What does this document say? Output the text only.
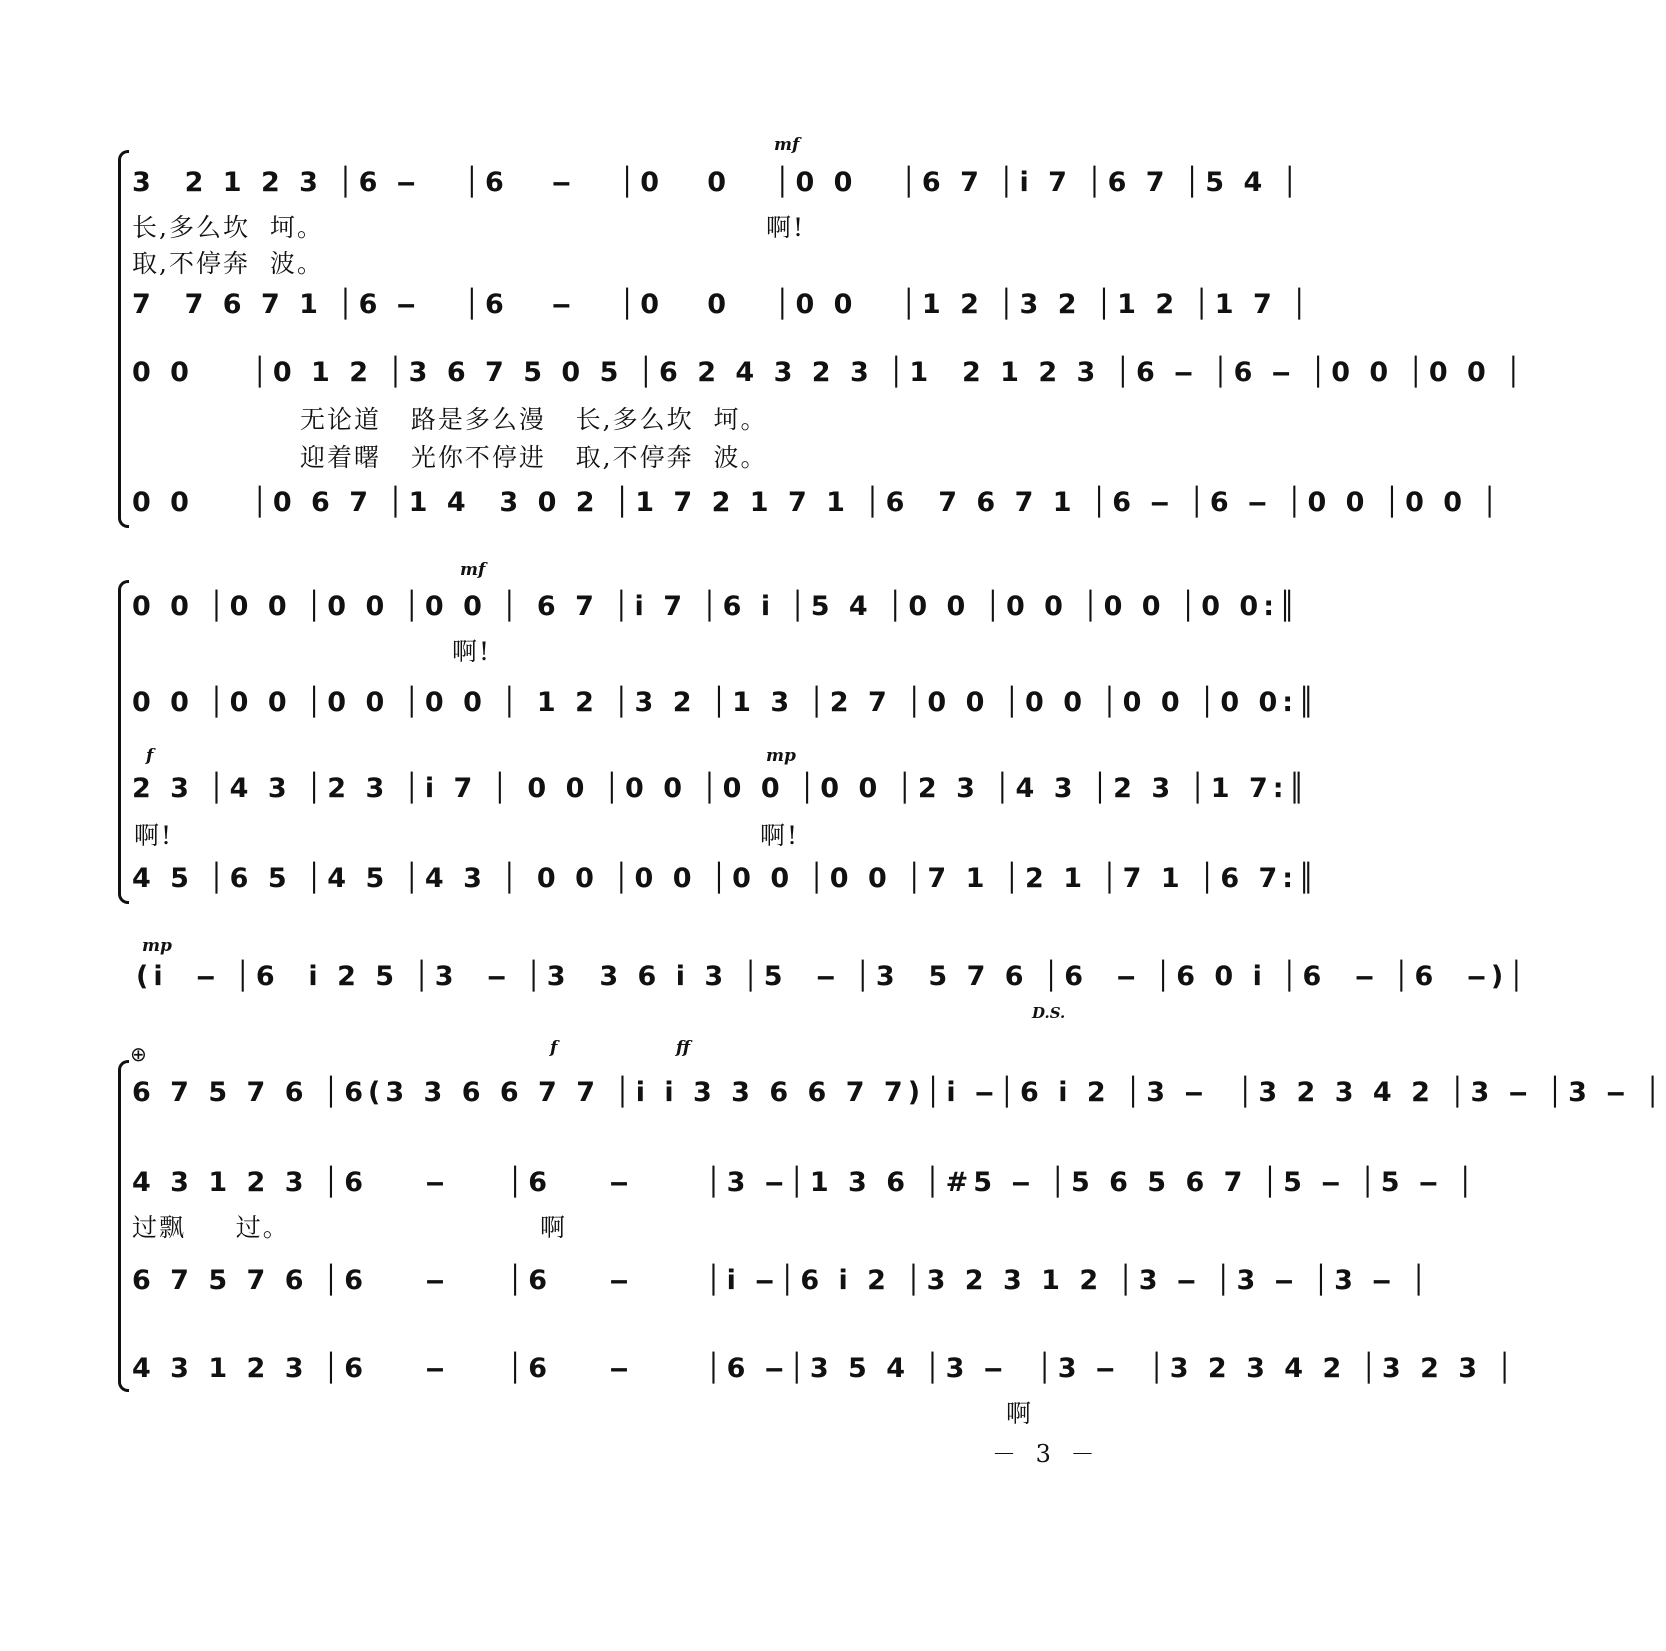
mf
3  2 1 2 3 │6 ‒   │6   ‒   │0   0   │0 0   │6 7 │i 7 │6 7 │5 4 │
长,多么坎  坷。	啊!
取,不停奔  波。
7  7 6 7 1 │6 ‒   │6   ‒   │0   0   │0 0   │1 2 │3 2 │1 2 │1 7 │
0 0    │0 1 2 │3 6 7 5 0 5 │6 2 4 3 2 3 │1  2 1 2 3 │6 ‒ │6 ‒ │0 0 │0 0 │
无论道   路是多么漫   长,多么坎  坷。
迎着曙   光你不停进   取,不停奔  波。
0 0    │0 6 7 │1 4  3 0 2 │1 7 2 1 7 1 │6  7 6 7 1 │6 ‒ │6 ‒ │0 0 │0 0 │
mf
0 0 │0 0 │0 0 │0 0 │ 6 7 │i 7 │6 i │5 4 │0 0 │0 0 │0 0 │0 0:║
啊!
0 0 │0 0 │0 0 │0 0 │ 1 2 │3 2 │1 3 │2 7 │0 0 │0 0 │0 0 │0 0:║
f	mp
2 3 │4 3 │2 3 │i 7 │ 0 0 │0 0 │0 0 │0 0 │2 3 │4 3 │2 3 │1 7:║
啊!	啊!
4 5 │6 5 │4 5 │4 3 │ 0 0 │0 0 │0 0 │0 0 │7 1 │2 1 │7 1 │6 7:║
mp
(i  ‒ │6  i 2 5 │3  ‒ │3  3 6 i 3 │5  ‒ │3  5 7 6 │6  ‒ │6 0 i │6  ‒ │6  ‒)│
D.S.
⊕	f	ff
6 7 5 7 6 │6(3 3 6 6 7 7 │i i 3 3 6 6 7 7)│i ‒│6 i 2 │3 ‒  │3 2 3 4 2 │3 ‒ │3 ‒ │
4 3 1 2 3 │6    ‒    │6    ‒     │3 ‒│1 3 6 │#5 ‒ │5 6 5 6 7 │5 ‒ │5 ‒ │
过飘     过。	啊
6 7 5 7 6 │6    ‒    │6    ‒     │i ‒│6 i 2 │3 2 3 1 2 │3 ‒ │3 ‒ │3 ‒ │
4 3 1 2 3 │6    ‒    │6    ‒     │6 ‒│3 5 4 │3 ‒  │3 ‒  │3 2 3 4 2 │3 2 3 │
啊
－ 3 －
